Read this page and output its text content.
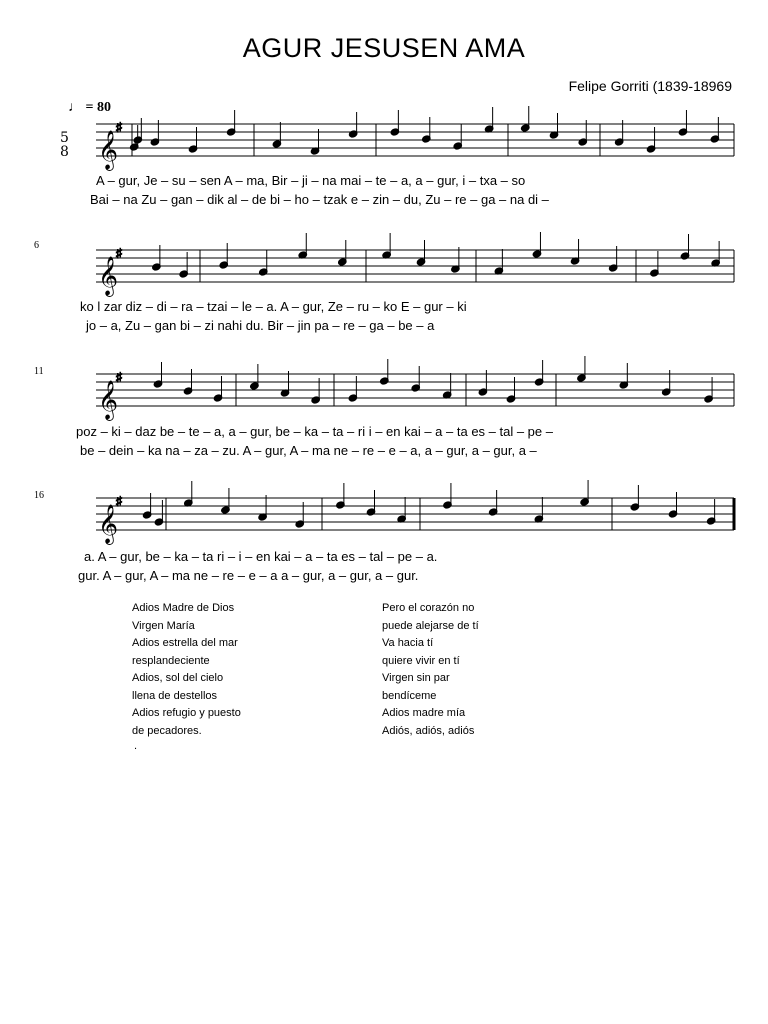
AGUR JESUSEN AMA
Felipe Gorriti (1839-18969
♩ = 80
6
11
16
♯
♯
♯
♯
𝄞
𝄞
𝄞
𝄞
5
8
A – gur, Je – su – sen A – ma, Bir – ji – na mai – te – a, a – gur, i – txa – so
Bai – na Zu – gan – dik al – de bi – ho – tzak e – zin – du, Zu – re – ga – na di –
ko l zar diz – di – ra – tzai – le – a. A – gur, Ze – ru – ko E – gur – ki
jo – a, Zu – gan bi – zi nahi du. Bir – jin pa – re – ga – be – a
poz – ki – daz be – te – a, a – gur, be – ka – ta – ri i – en kai – a – ta es – tal – pe –
be – dein – ka na – za – zu. A – gur, A – ma ne – re – e – a, a – gur, a – gur, a –
a. A – gur, be – ka – ta ri – i – en kai – a – ta es – tal – pe – a.
gur. A – gur, A – ma ne – re – e – a a – gur, a – gur, a – gur.
Adios Madre de Dios
Virgen María
Adios estrella del mar
resplandeciente
Adios, sol del cielo
llena de destellos
Adios refugio y puesto
de pecadores.
Pero el corazón no
puede alejarse de tí
Va hacia tí
quiere vivir en tí
Virgen sin par
bendíceme
Adios madre mía
Adiós, adiós, adiós
.
